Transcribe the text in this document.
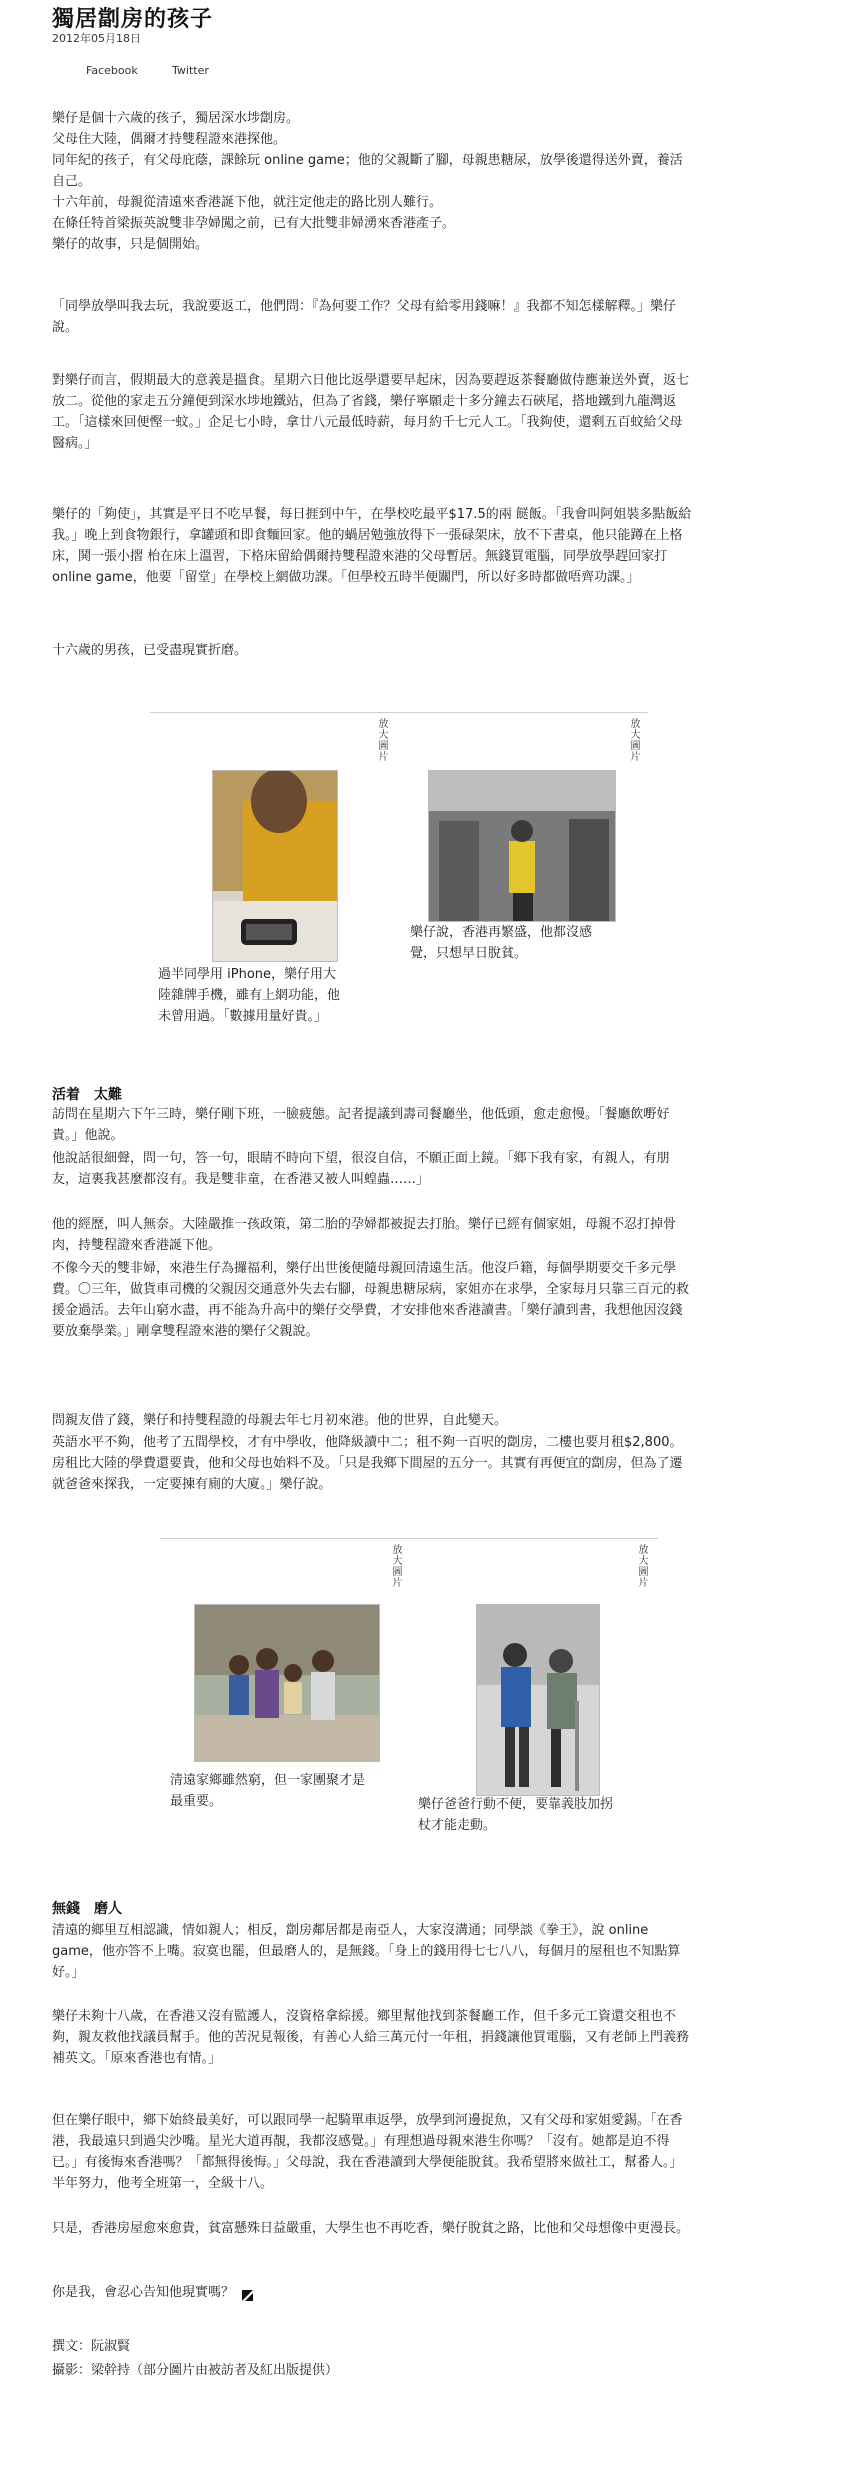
獨居劏房的孩子
2012年05月18日
Facebook	Twitter

樂仔是個十六歲的孩子，獨居深水埗劏房。

父母住大陸，偶爾才持雙程證來港探他。

同年紀的孩子，有父母庇蔭，課餘玩 online game；他的父親斷了腳，母親患糖尿，放學後還得送外賣，養活自己。

十六年前，母親從清遠來香港誕下他，就注定他走的路比別人難行。

在條任特首梁振英說雙非孕婦闖之前，已有大批雙非婦湧來香港產子。

樂仔的故事，只是個開始。

「同學放學叫我去玩，我說要返工，他們問：『為何要工作？父母有給零用錢嘛！』我都不知怎樣解釋。」樂仔說。
對樂仔而言，假期最大的意義是搵食。星期六日他比返學還要早起床，因為要趕返茶餐廳做侍應兼送外賣，返七放二。從他的家走五分鐘便到深水埗地鐵站，但為了省錢，樂仔寧願走十多分鐘去石硤尾，搭地鐵到九龍灣返工。「這樣來回便慳一蚊。」企足七小時，拿廿八元最低時薪，每月約千七元人工。「我夠使，還剩五百蚊給父母醫病。」
樂仔的「夠使」，其實是平日不吃早餐，每日捱到中午，在學校吃最平$17.5的兩 餸飯。「我會叫阿姐裝多點飯給我。」晚上到食物銀行，拿罐頭和即食麵回家。他的蝸居勉強放得下一張碌架床，放不下書桌，他只能蹲在上格床，鬨一張小摺 枱在床上溫習，下格床留給偶爾持雙程證來港的父母暫居。無錢買電腦，同學放學趕回家打 online game，他要「留堂」在學校上網做功課。「但學校五時半便關門，所以好多時都做唔齊功課。」
十六歲的男孩，已受盡現實折磨。
放大圖片	放大圖片
過半同學用 iPhone，樂仔用大陸雜牌手機，雖有上網功能，他未曾用過。「數據用量好貴。」
樂仔說，香港再繁盛，他都沒感覺，只想早日脫貧。
活着　太難
訪問在星期六下午三時，樂仔剛下班，一臉疲態。記者提議到壽司餐廳坐，他低頭，愈走愈慢。「餐廳飲嘢好貴。」他說。
他說話很細聲，問一句，答一句，眼睛不時向下望，很沒自信，不願正面上鏡。「鄉下我有家，有親人，有朋友，這裏我甚麼都沒有。我是雙非童，在香港又被人叫蝗蟲……」
他的經歷，叫人無奈。大陸嚴推一孩政策，第二胎的孕婦都被捉去打胎。樂仔已經有個家姐，母親不忍打掉骨肉，持雙程證來香港誕下他。
不像今天的雙非婦，來港生仔為攞福利，樂仔出世後便隨母親回清遠生活。他沒戶籍，每個學期要交千多元學費。〇三年，做貨車司機的父親因交通意外失去右腳，母親患糖尿病，家姐亦在求學，全家每月只靠三百元的救援金過活。去年山窮水盡，再不能為升高中的樂仔交學費，才安排他來香港讀書。「樂仔讀到書，我想他因沒錢要放棄學業。」剛拿雙程證來港的樂仔父親說。
問親友借了錢，樂仔和持雙程證的母親去年七月初來港。他的世界，自此變天。
英語水平不夠，他考了五間學校，才有中學收，他降級讀中二；租不夠一百呎的劏房，二樓也要月租$2,800。房租比大陸的學費還要貴，他和父母也始料不及。「只是我鄉下間屋的五分一。其實有再便宜的劏房，但為了遷就爸爸來探我，一定要揀有廁的大廈。」樂仔說。
放大圖片	放大圖片
清遠家鄉雖然窮，但一家團聚才是最重要。	樂仔爸爸行動不便，要靠義肢加拐杖才能走動。
無錢　磨人
清遠的鄉里互相認識，情如親人；相反，劏房鄰居都是南亞人，大家沒溝通；同學談《拳王》，說 online game，他亦答不上嘴。寂寞也罷，但最磨人的，是無錢。「身上的錢用得七七八八，每個月的屋租也不知點算好。」
樂仔未夠十八歲，在香港又沒有監護人，沒資格拿綜援。鄉里幫他找到茶餐廳工作，但千多元工資還交租也不夠，親友救他找議員幫手。他的苦況見報後，有善心人給三萬元付一年租，捐錢讓他買電腦，又有老師上門義務補英文。「原來香港也有情。」
但在樂仔眼中，鄉下始終最美好，可以跟同學一起騎單車返學，放學到河邊捉魚，又有父母和家姐愛錫。「在香港，我最遠只到過尖沙嘴。星光大道再靚，我都沒感覺。」有理想過母親來港生你嗎？「沒有。她都是迫不得已。」有後悔來香港嗎？「都無得後悔。」父母說，我在香港讀到大學便能脫貧。我希望將來做社工，幫番人。」半年努力，他考全班第一，全級十八。
只是，香港房屋愈來愈貴，貧富懸殊日益嚴重，大學生也不再吃香，樂仔脫貧之路，比他和父母想像中更漫長。
你是我，會忍心告知他現實嗎？
撰文：阮淑賢
攝影：梁幹持（部分圖片由被訪者及紅出版提供）
